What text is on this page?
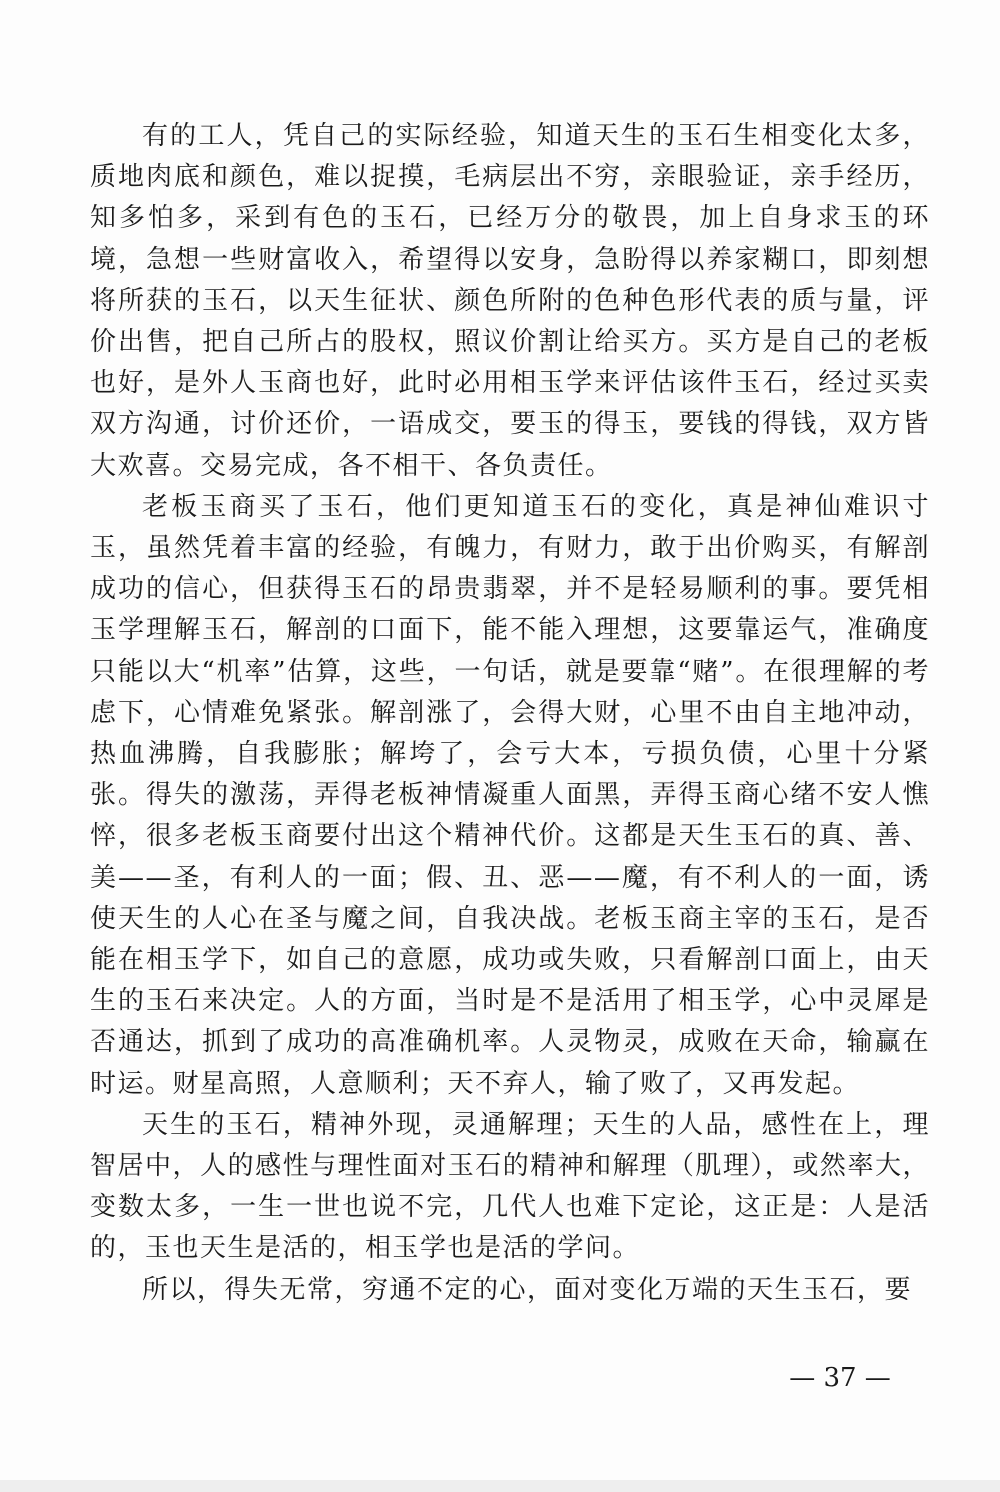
有的工人，凭自己的实际经验，知道天生的玉石生相变化太多，质地肉底和颜色，难以捉摸，毛病层出不穷，亲眼验证，亲手经历，知多怕多，采到有色的玉石，已经万分的敬畏，加上自身求玉的环境，急想一些财富收入，希望得以安身，急盼得以养家糊口，即刻想将所获的玉石，以天生征状、颜色所附的色种色形代表的质与量，评价出售，把自己所占的股权，照议价割让给买方。买方是自己的老板也好，是外人玉商也好，此时必用相玉学来评估该件玉石，经过买卖双方沟通，讨价还价，一语成交，要玉的得玉，要钱的得钱，双方皆大欢喜。交易完成，各不相干、各负责任。

老板玉商买了玉石，他们更知道玉石的变化，真是神仙难识寸玉，虽然凭着丰富的经验，有魄力，有财力，敢于出价购买，有解剖成功的信心，但获得玉石的昂贵翡翠，并不是轻易顺利的事。要凭相玉学理解玉石，解剖的口面下，能不能入理想，这要靠运气，准确度只能以大“机率”估算，这些，一句话，就是要靠“赌”。在很理解的考虑下，心情难免紧张。解剖涨了，会得大财，心里不由自主地冲动，热血沸腾，自我膨胀；解垮了，会亏大本，亏损负债，心里十分紧张。得失的激荡，弄得老板神情凝重人面黑，弄得玉商心绪不安人憔悴，很多老板玉商要付出这个精神代价。这都是天生玉石的真、善、美——圣，有利人的一面；假、丑、恶——魔，有不利人的一面，诱使天生的人心在圣与魔之间，自我决战。老板玉商主宰的玉石，是否能在相玉学下，如自己的意愿，成功或失败，只看解剖口面上，由天生的玉石来决定。人的方面，当时是不是活用了相玉学，心中灵犀是否通达，抓到了成功的高准确机率。人灵物灵，成败在天命，输赢在时运。财星高照，人意顺利；天不弃人，输了败了，又再发起。

天生的玉石，精神外现，灵通解理；天生的人品，感性在上，理智居中，人的感性与理性面对玉石的精神和解理（肌理），或然率大，变数太多，一生一世也说不完，几代人也难下定论，这正是：人是活的，玉也天生是活的，相玉学也是活的学问。

所以，得失无常，穷通不定的心，面对变化万端的天生玉石，要

— 37 —
